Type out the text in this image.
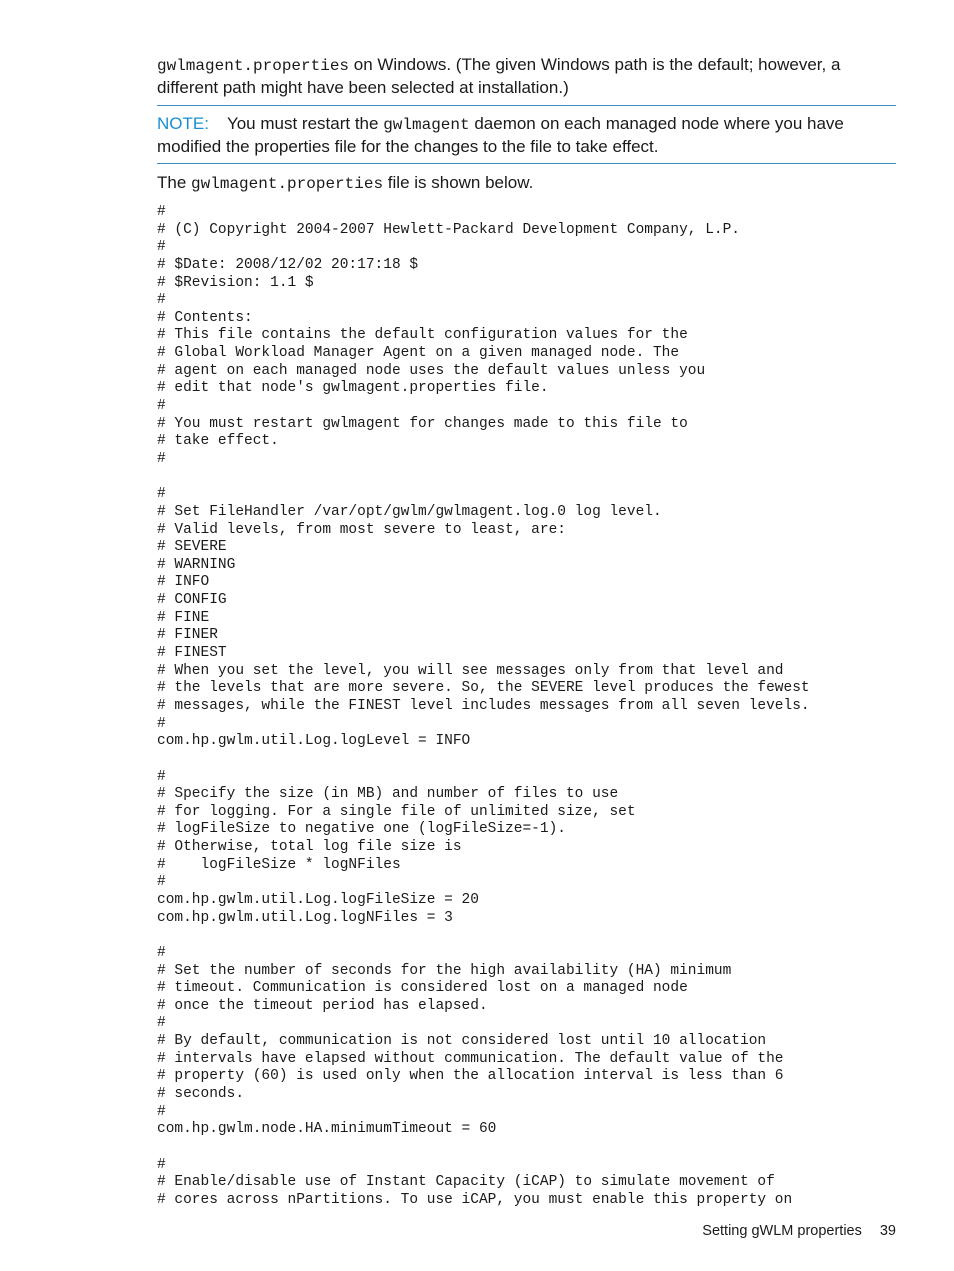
gwlmagent.properties on Windows. (The given Windows path is the default; however, a different path might have been selected at installation.)

NOTE: You must restart the gwlmagent daemon on each managed node where you have modified the properties file for the changes to the file to take effect.

The gwlmagent.properties file is shown below.

#
# (C) Copyright 2004-2007 Hewlett-Packard Development Company, L.P.
#
# $Date: 2008/12/02 20:17:18 $
# $Revision: 1.1 $
#
# Contents:
# This file contains the default configuration values for the
# Global Workload Manager Agent on a given managed node. The
# agent on each managed node uses the default values unless you
# edit that node's gwlmagent.properties file.
#
# You must restart gwlmagent for changes made to this file to
# take effect.
#
#
# Set FileHandler /var/opt/gwlm/gwlmagent.log.0 log level.
# Valid levels, from most severe to least, are:
# SEVERE
# WARNING
# INFO
# CONFIG
# FINE
# FINER
# FINEST
# When you set the level, you will see messages only from that level and
# the levels that are more severe. So, the SEVERE level produces the fewest
# messages, while the FINEST level includes messages from all seven levels.
#
com.hp.gwlm.util.Log.logLevel = INFO
#
# Specify the size (in MB) and number of files to use
# for logging. For a single file of unlimited size, set
# logFileSize to negative one (logFileSize=-1).
# Otherwise, total log file size is
#    logFileSize * logNFiles
#
com.hp.gwlm.util.Log.logFileSize = 20
com.hp.gwlm.util.Log.logNFiles = 3
#
# Set the number of seconds for the high availability (HA) minimum
# timeout. Communication is considered lost on a managed node
# once the timeout period has elapsed.
#
# By default, communication is not considered lost until 10 allocation
# intervals have elapsed without communication. The default value of the
# property (60) is used only when the allocation interval is less than 6
# seconds.
#
com.hp.gwlm.node.HA.minimumTimeout = 60
#
# Enable/disable use of Instant Capacity (iCAP) to simulate movement of
# cores across nPartitions. To use iCAP, you must enable this property on
Setting gWLM properties 39
